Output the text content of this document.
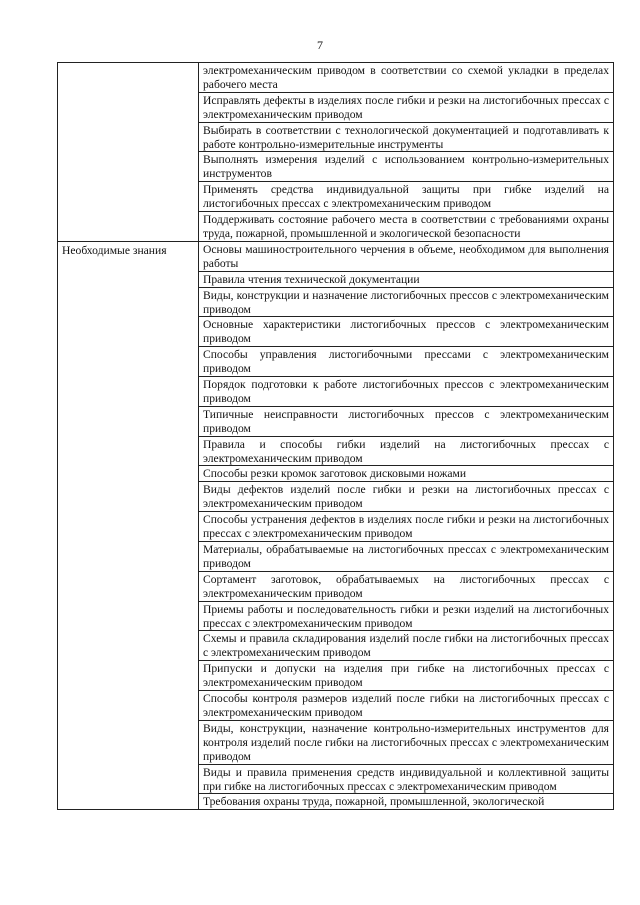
7
	электромеханическим приводом в соответствии со схемой укладки в пределах рабочего места
	Исправлять дефекты в изделиях после гибки и резки на листогибочных прессах с электромеханическим приводом
	Выбирать в соответствии с технологической документацией и подготавливать к работе контрольно-измерительные инструменты
	Выполнять измерения изделий с использованием контрольно-измерительных инструментов
	Применять средства индивидуальной защиты при гибке изделий на листогибочных прессах с электромеханическим приводом
	Поддерживать состояние рабочего места в соответствии с требованиями охраны труда, пожарной, промышленной и экологической безопасности
Необходимые знания	Основы машиностроительного черчения в объеме, необходимом для выполнения работы
	Правила чтения технической документации
	Виды, конструкции и назначение листогибочных прессов с электромеханическим приводом
	Основные характеристики листогибочных прессов с электромеханическим приводом
	Способы управления листогибочными прессами с электромеханическим приводом
	Порядок подготовки к работе листогибочных прессов с электромеханическим приводом
	Типичные неисправности листогибочных прессов с электромеханическим приводом
	Правила и способы гибки изделий на листогибочных прессах с электромеханическим приводом
	Способы резки кромок заготовок дисковыми ножами
	Виды дефектов изделий после гибки и резки на листогибочных прессах с электромеханическим приводом
	Способы устранения дефектов в изделиях после гибки и резки на листогибочных прессах с электромеханическим приводом
	Материалы, обрабатываемые на листогибочных прессах с электромеханическим приводом
	Сортамент заготовок, обрабатываемых на листогибочных прессах с электромеханическим приводом
	Приемы работы и последовательность гибки и резки изделий на листогибочных прессах с электромеханическим приводом
	Схемы и правила складирования изделий после гибки на листогибочных прессах с электромеханическим приводом
	Припуски и допуски на изделия при гибке на листогибочных прессах с электромеханическим приводом
	Способы контроля размеров изделий после гибки на листогибочных прессах с электромеханическим приводом
	Виды, конструкции, назначение контрольно-измерительных инструментов для контроля изделий после гибки на листогибочных прессах с электромеханическим приводом
	Виды и правила применения средств индивидуальной и коллективной защиты при гибке на листогибочных прессах с электромеханическим приводом
	Требования охраны труда, пожарной, промышленной, экологической
